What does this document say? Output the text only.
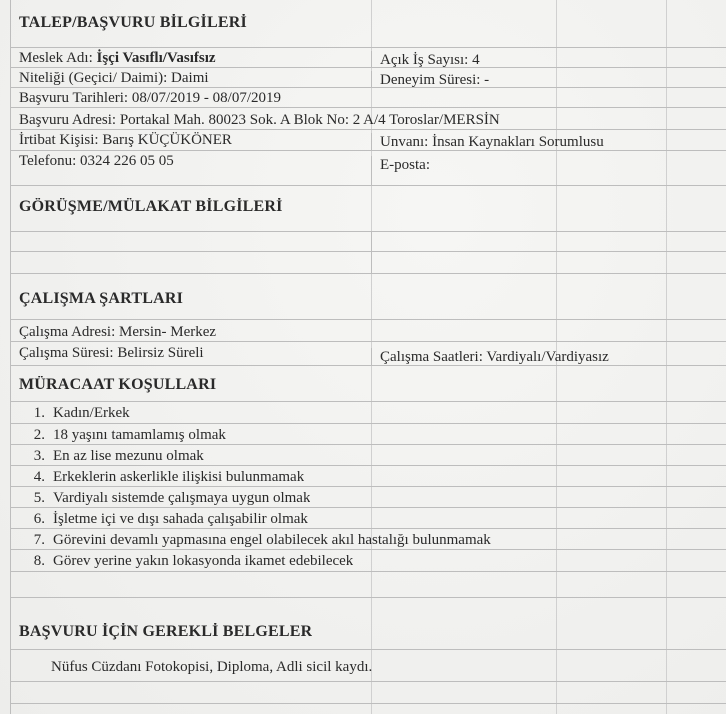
TALEP/BAŞVURU BİLGİLERİ
Meslek Adı: İşçi Vasıflı/Vasıfsız	Açık İş Sayısı: 4
Niteliği (Geçici/ Daimi): Daimi	Deneyim Süresi: -
Başvuru Tarihleri: 08/07/2019 - 08/07/2019
Başvuru Adresi: Portakal Mah. 80023 Sok. A Blok No: 2 A/4 Toroslar/MERSİN
İrtibat Kişisi: Barış KÜÇÜKÖNER	Unvanı: İnsan Kaynakları Sorumlusu
Telefonu: 0324 226 05 05	E-posta:
GÖRÜŞME/MÜLAKAT BİLGİLERİ
ÇALIŞMA ŞARTLARI
Çalışma Adresi: Mersin- Merkez
Çalışma Süresi: Belirsiz Süreli	Çalışma Saatleri: Vardiyalı/Vardiyasız
MÜRACAAT KOŞULLARI
1. Kadın/Erkek
2. 18 yaşını tamamlamış olmak
3. En az lise mezunu olmak
4. Erkeklerin askerlikle ilişkisi bulunmamak
5. Vardiyalı sistemde çalışmaya uygun olmak
6. İşletme içi ve dışı sahada çalışabilir olmak
7. Görevini devamlı yapmasına engel olabilecek akıl hastalığı bulunmamak
8. Görev yerine yakın lokasyonda ikamet edebilecek
BAŞVURU İÇİN GEREKLİ BELGELER
Nüfus Cüzdanı Fotokopisi, Diploma, Adli sicil kaydı.
